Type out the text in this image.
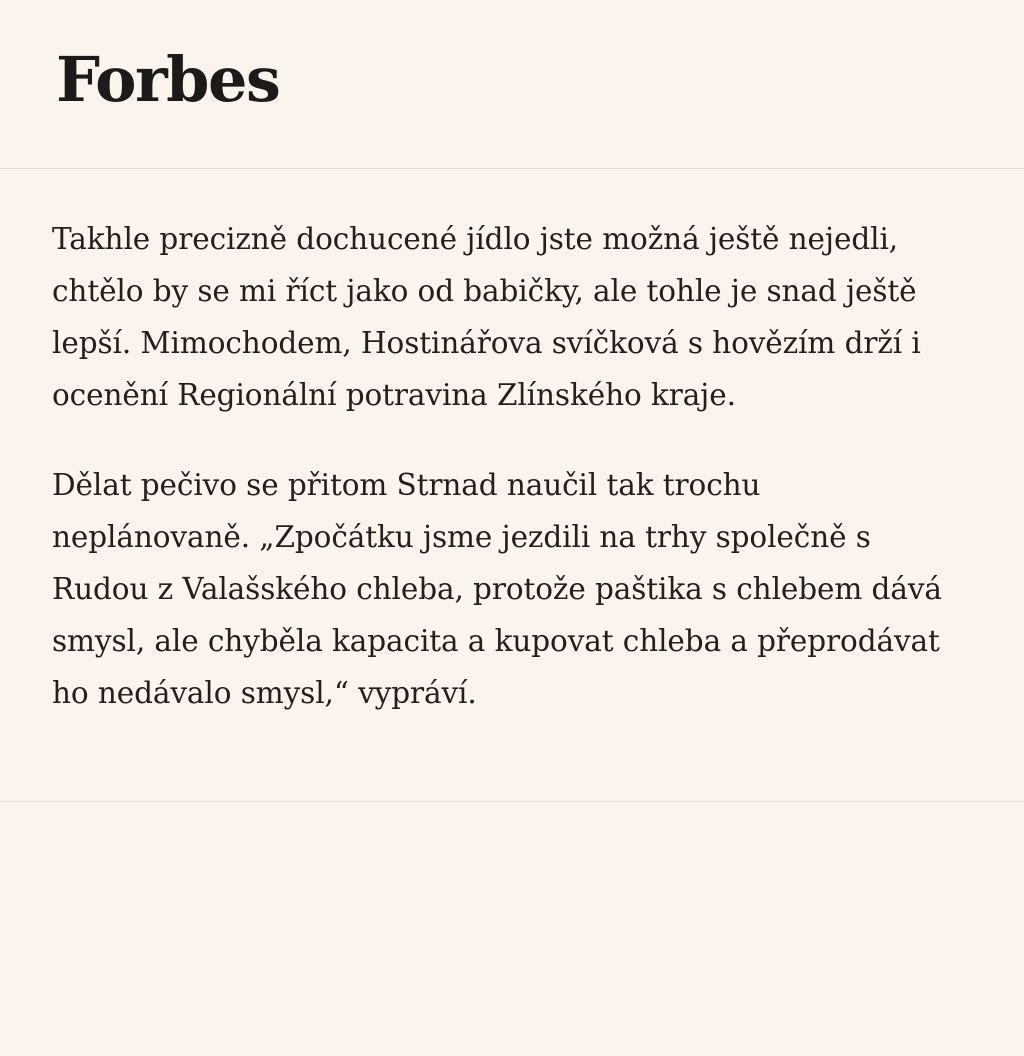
Forbes

Takhle precizně dochucené jídlo jste možná ještě nejedli, chtělo by se mi říct jako od babičky, ale tohle je snad ještě lepší. Mimochodem, Hostinářova svíčková s hovězím drží i ocenění Regionální potravina Zlínského kraje.

Dělat pečivo se přitom Strnad naučil tak trochu neplánovaně. „Zpočátku jsme jezdili na trhy společně s Rudou z Valašského chleba, protože paštika s chlebem dává smysl, ale chyběla kapacita a kupovat chleba a přeprodávat ho nedávalo smysl,“ vypráví.
